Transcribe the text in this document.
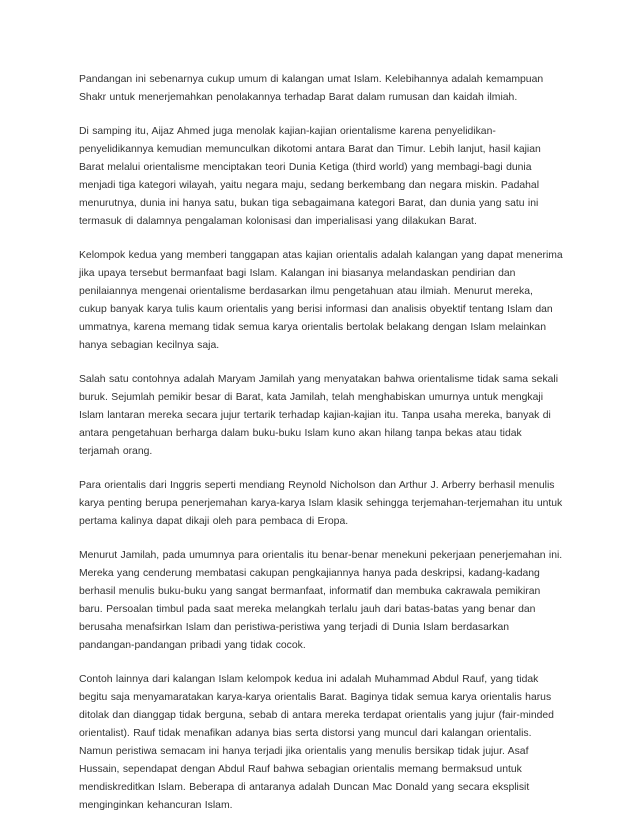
Pandangan ini sebenarnya cukup umum di kalangan umat Islam. Kelebihannya adalah kemampuan Shakr untuk menerjemahkan penolakannya terhadap Barat dalam rumusan dan kaidah ilmiah.

Di samping itu, Aijaz Ahmed juga menolak kajian-kajian orientalisme karena penyelidikan-penyelidikannya kemudian memunculkan dikotomi antara Barat dan Timur. Lebih lanjut, hasil kajian Barat melalui orientalisme menciptakan teori Dunia Ketiga (third world) yang membagi-bagi dunia menjadi tiga kategori wilayah, yaitu negara maju, sedang berkembang dan negara miskin. Padahal menurutnya, dunia ini hanya satu, bukan tiga sebagaimana kategori Barat, dan dunia yang satu ini termasuk di dalamnya pengalaman kolonisasi dan imperialisasi yang dilakukan Barat.

Kelompok kedua yang memberi tanggapan atas kajian orientalis adalah kalangan yang dapat menerima jika upaya tersebut bermanfaat bagi Islam. Kalangan ini biasanya melandaskan pendirian dan penilaiannya mengenai orientalisme berdasarkan ilmu pengetahuan atau ilmiah. Menurut mereka, cukup banyak karya tulis kaum orientalis yang berisi informasi dan analisis obyektif tentang Islam dan ummatnya, karena memang tidak semua karya orientalis bertolak belakang dengan Islam melainkan hanya sebagian kecilnya saja.

Salah satu contohnya adalah Maryam Jamilah yang menyatakan bahwa orientalisme tidak sama sekali buruk. Sejumlah pemikir besar di Barat, kata Jamilah, telah menghabiskan umurnya untuk mengkaji Islam lantaran mereka secara jujur tertarik terhadap kajian-kajian itu. Tanpa usaha mereka, banyak di antara pengetahuan berharga dalam buku-buku Islam kuno akan hilang tanpa bekas atau tidak terjamah orang.

Para orientalis dari Inggris seperti mendiang Reynold Nicholson dan Arthur J. Arberry berhasil menulis karya penting berupa penerjemahan karya-karya Islam klasik sehingga terjemahan-terjemahan itu untuk pertama kalinya dapat dikaji oleh para pembaca di Eropa.

Menurut Jamilah, pada umumnya para orientalis itu benar-benar menekuni pekerjaan penerjemahan ini. Mereka yang cenderung membatasi cakupan pengkajiannya hanya pada deskripsi, kadang-kadang berhasil menulis buku-buku yang sangat bermanfaat, informatif dan membuka cakrawala pemikiran baru. Persoalan timbul pada saat mereka melangkah terlalu jauh dari batas-batas yang benar dan berusaha menafsirkan Islam dan peristiwa-peristiwa yang terjadi di Dunia Islam berdasarkan pandangan-pandangan pribadi yang tidak cocok.

Contoh lainnya dari kalangan Islam kelompok kedua ini adalah Muhammad Abdul Rauf, yang tidak begitu saja menyamaratakan karya-karya orientalis Barat. Baginya tidak semua karya orientalis harus ditolak dan dianggap tidak berguna, sebab di antara mereka terdapat orientalis yang jujur (fair-minded orientalist). Rauf tidak menafikan adanya bias serta distorsi yang muncul dari kalangan orientalis. Namun peristiwa semacam ini hanya terjadi jika orientalis yang menulis bersikap tidak jujur. Asaf Hussain, sependapat dengan Abdul Rauf bahwa sebagian orientalis memang bermaksud untuk mendiskreditkan Islam. Beberapa di antaranya adalah Duncan Mac Donald yang secara eksplisit menginginkan kehancuran Islam.
